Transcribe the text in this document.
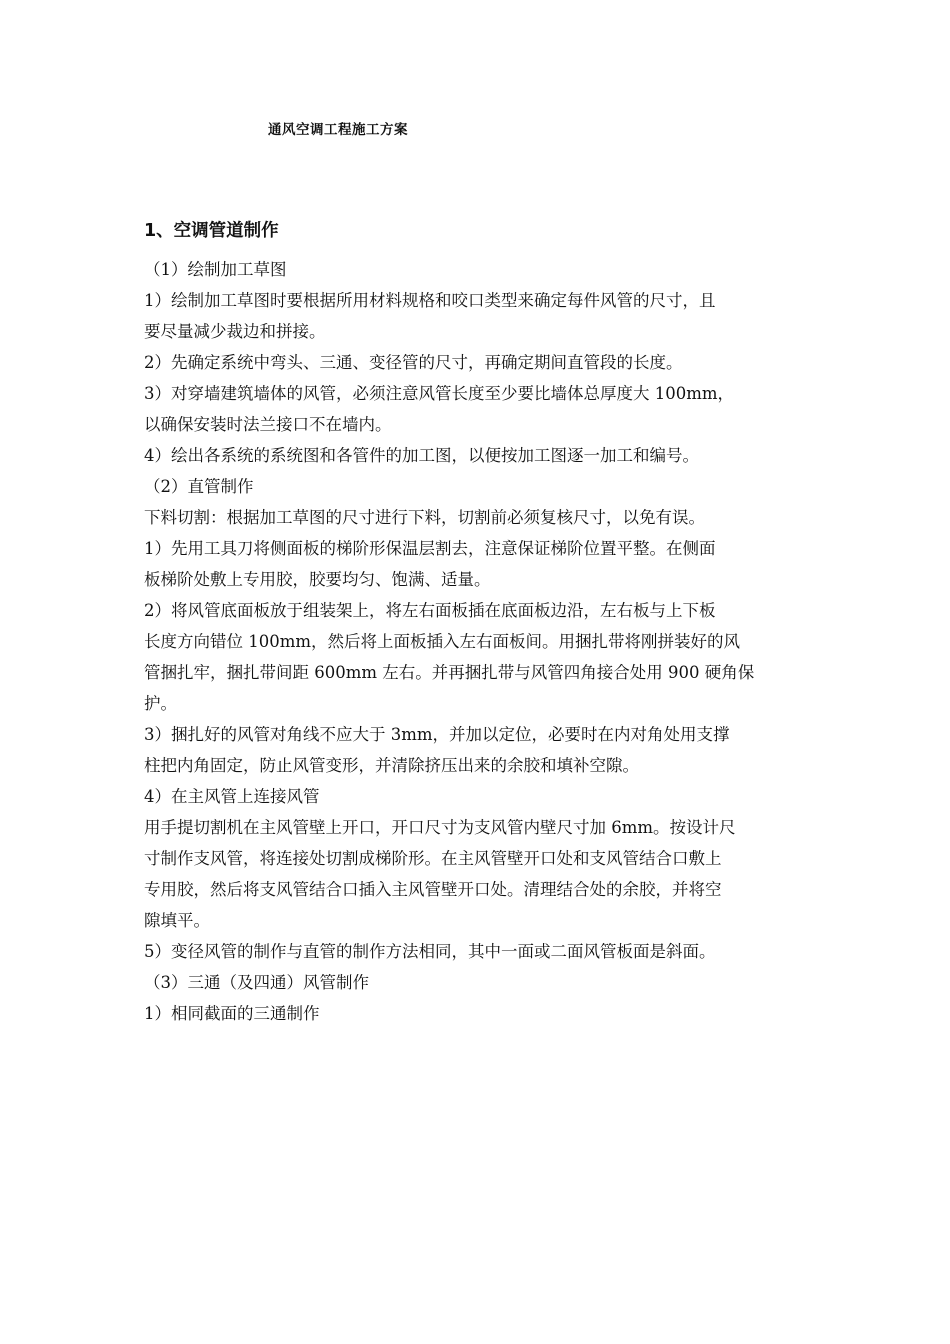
通风空调工程施工方案
1、空调管道制作

（1）绘制加工草图

1）绘制加工草图时要根据所用材料规格和咬口类型来确定每件风管的尺寸，且

要尽量减少裁边和拼接。

2）先确定系统中弯头、三通、变径管的尺寸，再确定期间直管段的长度。

3）对穿墙建筑墙体的风管，必须注意风管长度至少要比墙体总厚度大 100mm，

以确保安装时法兰接口不在墙内。

4）绘出各系统的系统图和各管件的加工图，以便按加工图逐一加工和编号。

（2）直管制作

下料切割：根据加工草图的尺寸进行下料，切割前必须复核尺寸，以免有误。

1）先用工具刀将侧面板的梯阶形保温层割去，注意保证梯阶位置平整。在侧面

板梯阶处敷上专用胶，胶要均匀、饱满、适量。

2）将风管底面板放于组装架上，将左右面板插在底面板边沿，左右板与上下板

长度方向错位 100mm，然后将上面板插入左右面板间。用捆扎带将刚拼装好的风

管捆扎牢，捆扎带间距 600mm 左右。并再捆扎带与风管四角接合处用 900 硬角保

护。

3）捆扎好的风管对角线不应大于 3mm，并加以定位，必要时在内对角处用支撑

柱把内角固定，防止风管变形，并清除挤压出来的余胶和填补空隙。

4）在主风管上连接风管

用手提切割机在主风管壁上开口，开口尺寸为支风管内壁尺寸加 6mm。按设计尺

寸制作支风管，将连接处切割成梯阶形。在主风管壁开口处和支风管结合口敷上

专用胶，然后将支风管结合口插入主风管壁开口处。清理结合处的余胶，并将空

隙填平。

5）变径风管的制作与直管的制作方法相同，其中一面或二面风管板面是斜面。

（3）三通（及四通）风管制作

1）相同截面的三通制作
